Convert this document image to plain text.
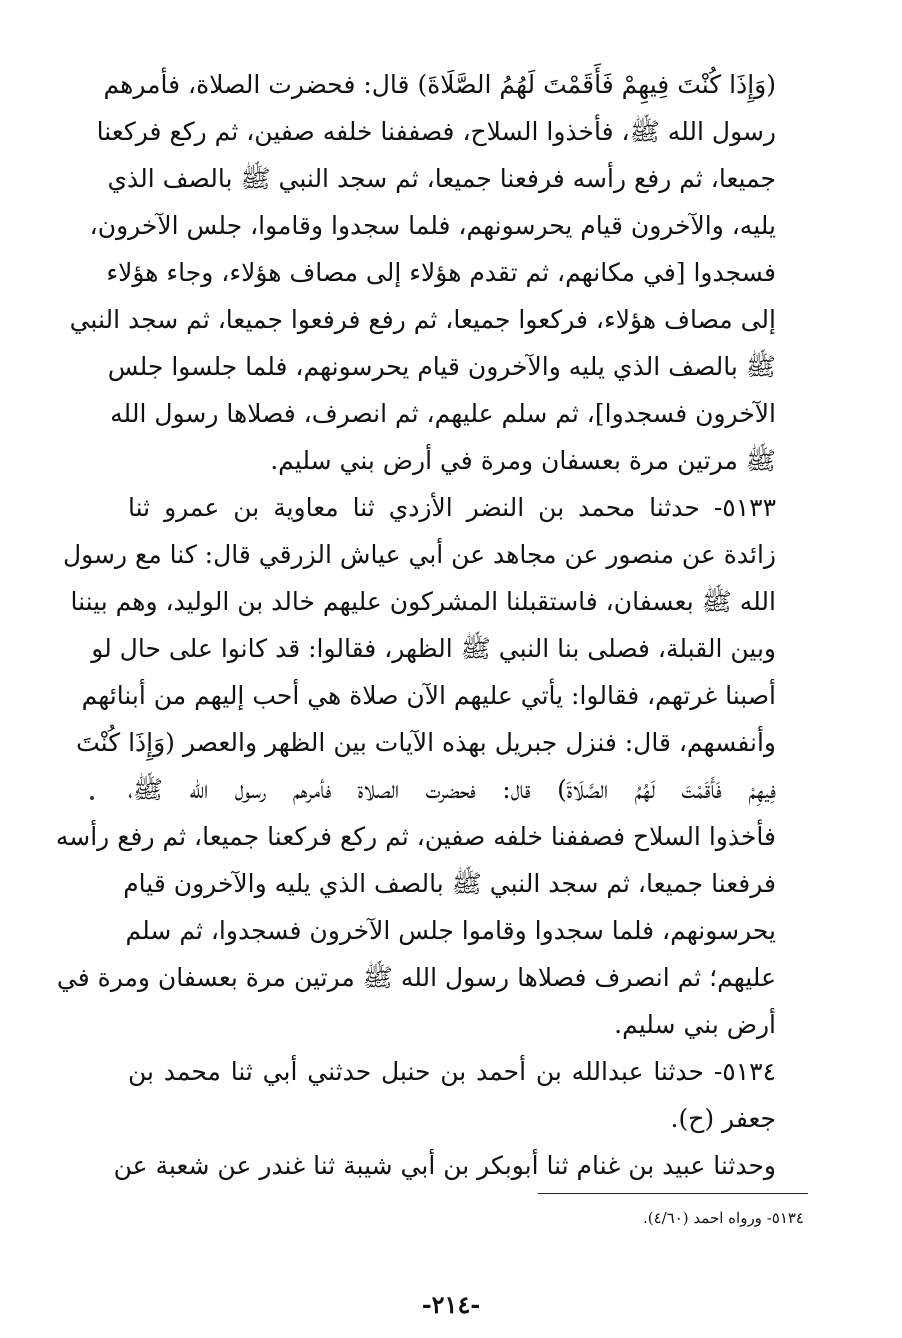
(وَإِذَا كُنْتَ فِيهِمْ فَأَقَمْتَ لَهُمُ الصَّلَاةَ) قال: فحضرت الصلاة، فأمرهم
رسول الله ﷺ، فأخذوا السلاح، فصففنا خلفه صفين، ثم ركع فركعنا
جميعا، ثم رفع رأسه فرفعنا جميعا، ثم سجد النبي ﷺ بالصف الذي
يليه، والآخرون قيام يحرسونهم، فلما سجدوا وقاموا، جلس الآخرون،
فسجدوا [في مكانهم، ثم تقدم هؤلاء إلى مصاف هؤلاء، وجاء هؤلاء
إلى مصاف هؤلاء، فركعوا جميعا، ثم رفع فرفعوا جميعا، ثم سجد النبي
ﷺ بالصف الذي يليه والآخرون قيام يحرسونهم، فلما جلسوا جلس
الآخرون فسجدوا]، ثم سلم عليهم، ثم انصرف، فصلاها رسول الله
ﷺ مرتين مرة بعسفان ومرة في أرض بني سليم.
٥١٣٣- حدثنا محمد بن النضر الأزدي ثنا معاوية بن عمرو ثنا
زائدة عن منصور عن مجاهد عن أبي عياش الزرقي قال: كنا مع رسول
الله ﷺ بعسفان، فاستقبلنا المشركون عليهم خالد بن الوليد، وهم بيننا
وبين القبلة، فصلى بنا النبي ﷺ الظهر، فقالوا: قد كانوا على حال لو
أصبنا غرتهم، فقالوا: يأتي عليهم الآن صلاة هي أحب إليهم من أبنائهم
وأنفسهم، قال: فنزل جبريل بهذه الآيات بين الظهر والعصر (وَإِذَا كُنْتَ
فِيهِمْ فَأَقَمْتَ لَهُمُ الصَّلَاةَ) قال: فحضرت الصلاة فأمرهم رسول الله ﷺ،
فأخذوا السلاح فصففنا خلفه صفين، ثم ركع فركعنا جميعا، ثم رفع رأسه
فرفعنا جميعا، ثم سجد النبي ﷺ بالصف الذي يليه والآخرون قيام
يحرسونهم، فلما سجدوا وقاموا جلس الآخرون فسجدوا، ثم سلم
عليهم؛ ثم انصرف فصلاها رسول الله ﷺ مرتين مرة بعسفان ومرة في
أرض بني سليم.
٥١٣٤- حدثنا عبدالله بن أحمد بن حنبل حدثني أبي ثنا محمد بن
جعفر (ح).
وحدثنا عبيد بن غنام ثنا أبوبكر بن أبي شيبة ثنا غندر عن شعبة عن
٥١٣٤- ورواه احمد (٤/٦٠).
-٢١٤-
